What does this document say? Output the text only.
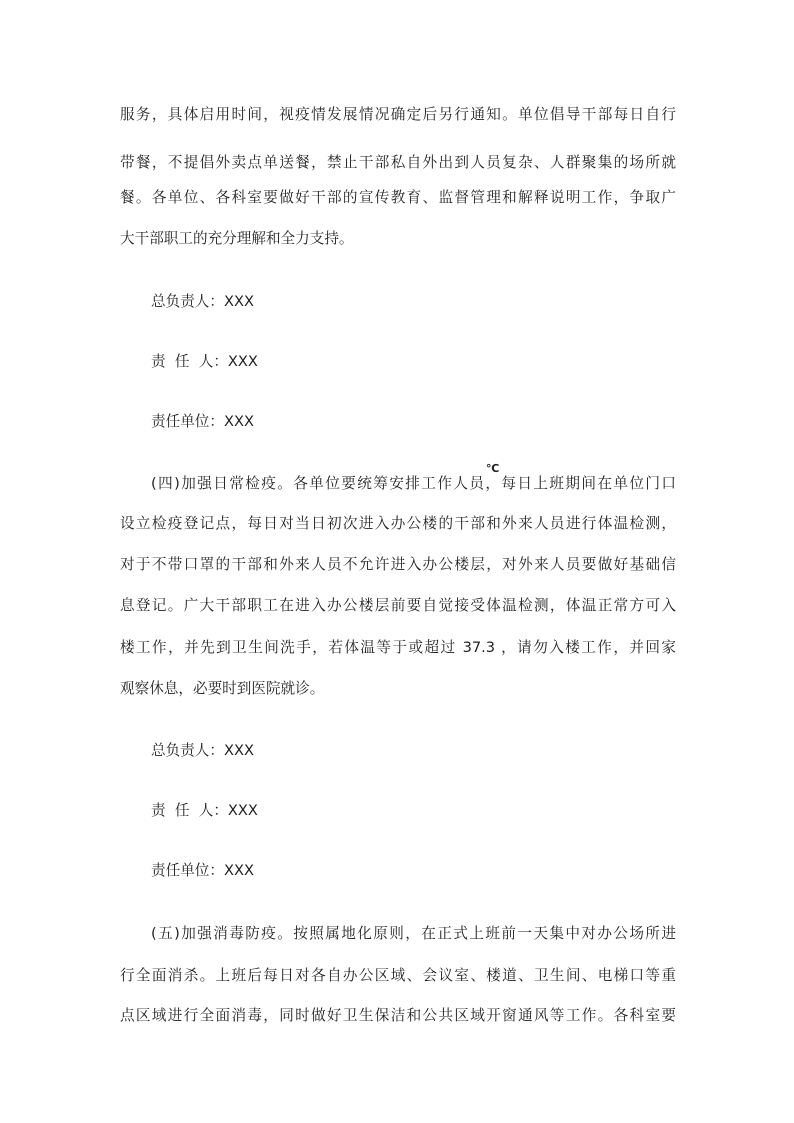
服务，具体启用时间，视疫情发展情况确定后另行通知。单位倡导干部每日自行
带餐，不提倡外卖点单送餐，禁止干部私自外出到人员复杂、人群聚集的场所就
餐。各单位、各科室要做好干部的宣传教育、监督管理和解释说明工作，争取广
大干部职工的充分理解和全力支持。
总负责人：XXX
责  任  人：XXX
责任单位：XXX
℃
(四)加强日常检疫。各单位要统筹安排工作人员，每日上班期间在单位门口
设立检疫登记点，每日对当日初次进入办公楼的干部和外来人员进行体温检测，
对于不带口罩的干部和外来人员不允许进入办公楼层，对外来人员要做好基础信
息登记。广大干部职工在进入办公楼层前要自觉接受体温检测，体温正常方可入
楼工作，并先到卫生间洗手，若体温等于或超过 37.3 ，请勿入楼工作，并回家
观察休息，必要时到医院就诊。
总负责人：XXX
责  任  人：XXX
责任单位：XXX
(五)加强消毒防疫。按照属地化原则，在正式上班前一天集中对办公场所进
行全面消杀。上班后每日对各自办公区域、会议室、楼道、卫生间、电梯口等重
点区域进行全面消毒，同时做好卫生保洁和公共区域开窗通风等工作。各科室要
